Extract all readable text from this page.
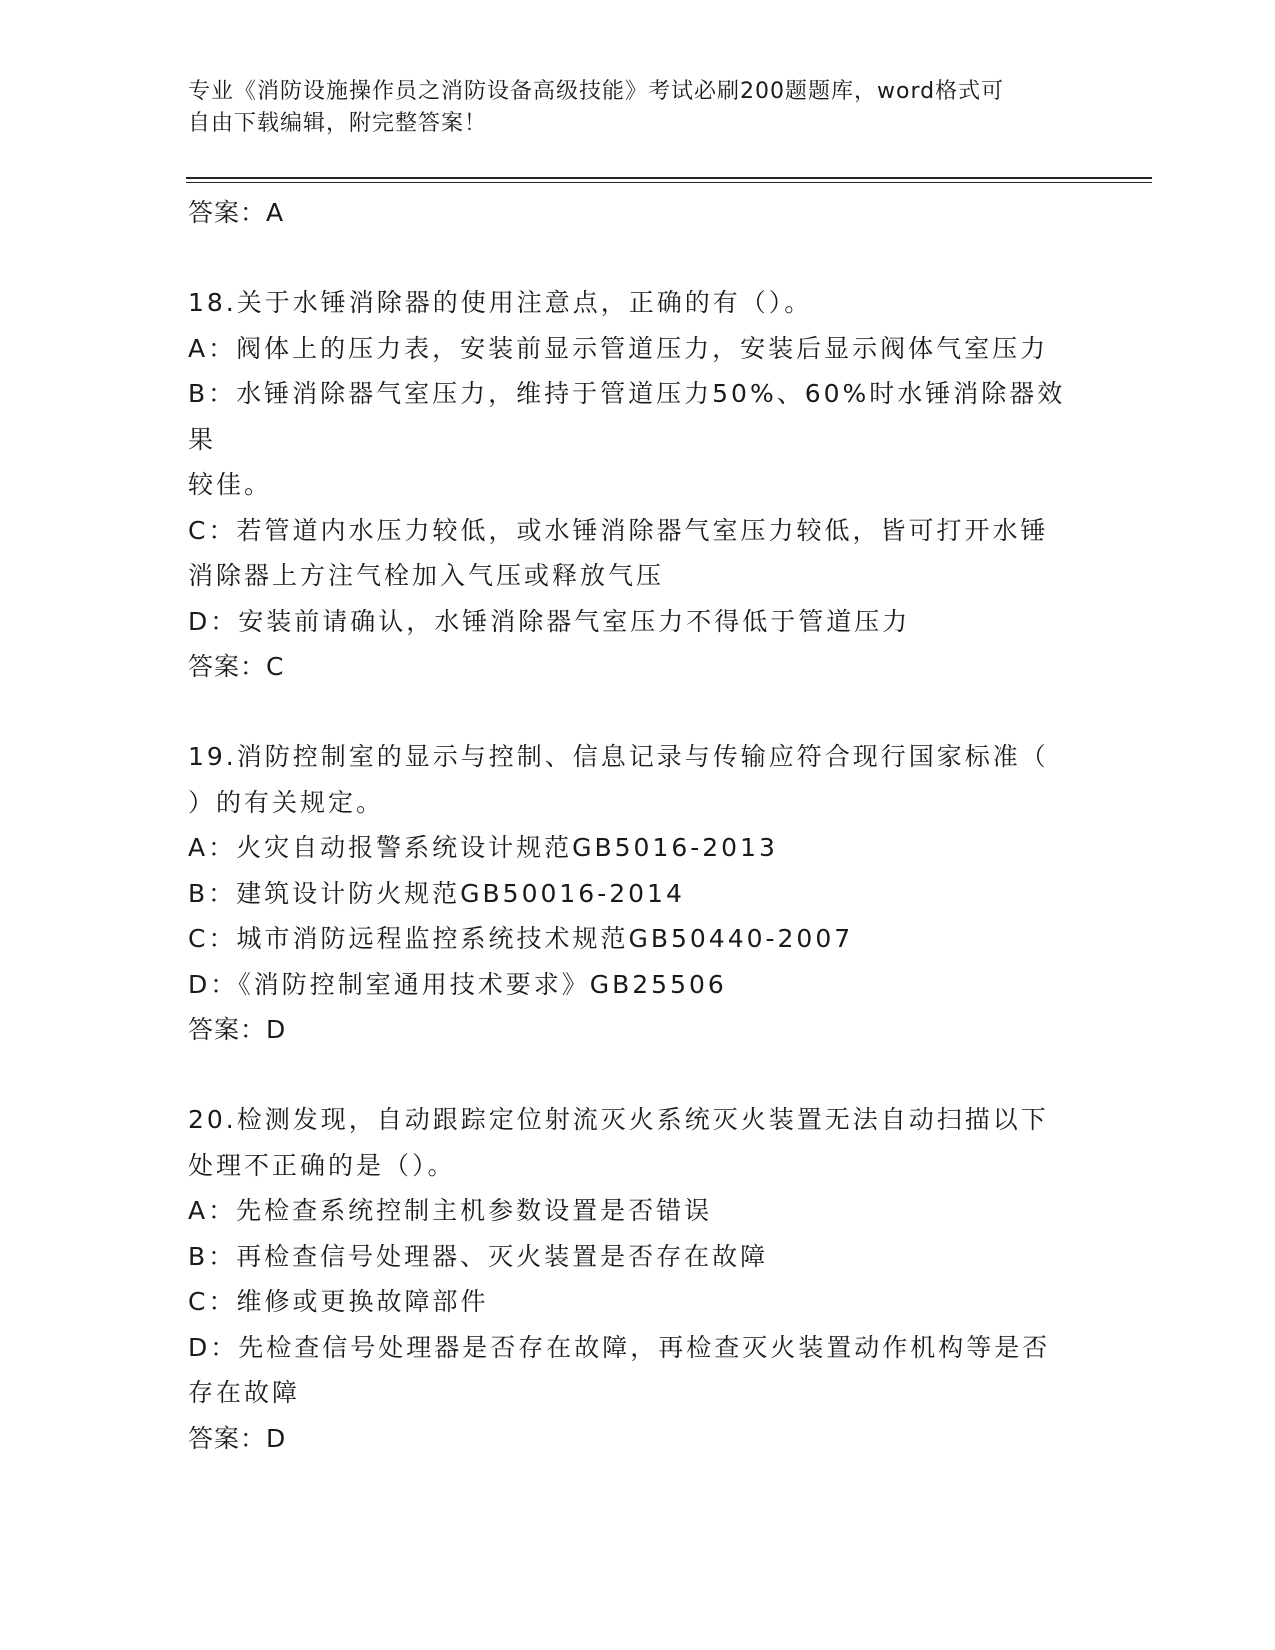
专业《消防设施操作员之消防设备高级技能》考试必刷200题题库，word格式可
自由下载编辑，附完整答案！
答案：A
18.关于水锤消除器的使用注意点，正确的有（）。
A：阀体上的压力表，安装前显示管道压力，安装后显示阀体气室压力
B：水锤消除器气室压力，维持于管道压力50%、60%时水锤消除器效果
较佳。
C：若管道内水压力较低，或水锤消除器气室压力较低，皆可打开水锤
消除器上方注气栓加入气压或释放气压
D：安装前请确认，水锤消除器气室压力不得低于管道压力
答案：C
19.消防控制室的显示与控制、信息记录与传输应符合现行国家标准（
）的有关规定。
A：火灾自动报警系统设计规范GB5016-2013
B：建筑设计防火规范GB50016-2014
C：城市消防远程监控系统技术规范GB50440-2007
D：《消防控制室通用技术要求》GB25506
答案：D
20.检测发现，自动跟踪定位射流灭火系统灭火装置无法自动扫描以下
处理不正确的是（）。
A：先检查系统控制主机参数设置是否错误
B：再检查信号处理器、灭火装置是否存在故障
C：维修或更换故障部件
D：先检查信号处理器是否存在故障，再检查灭火装置动作机构等是否
存在故障
答案：D
